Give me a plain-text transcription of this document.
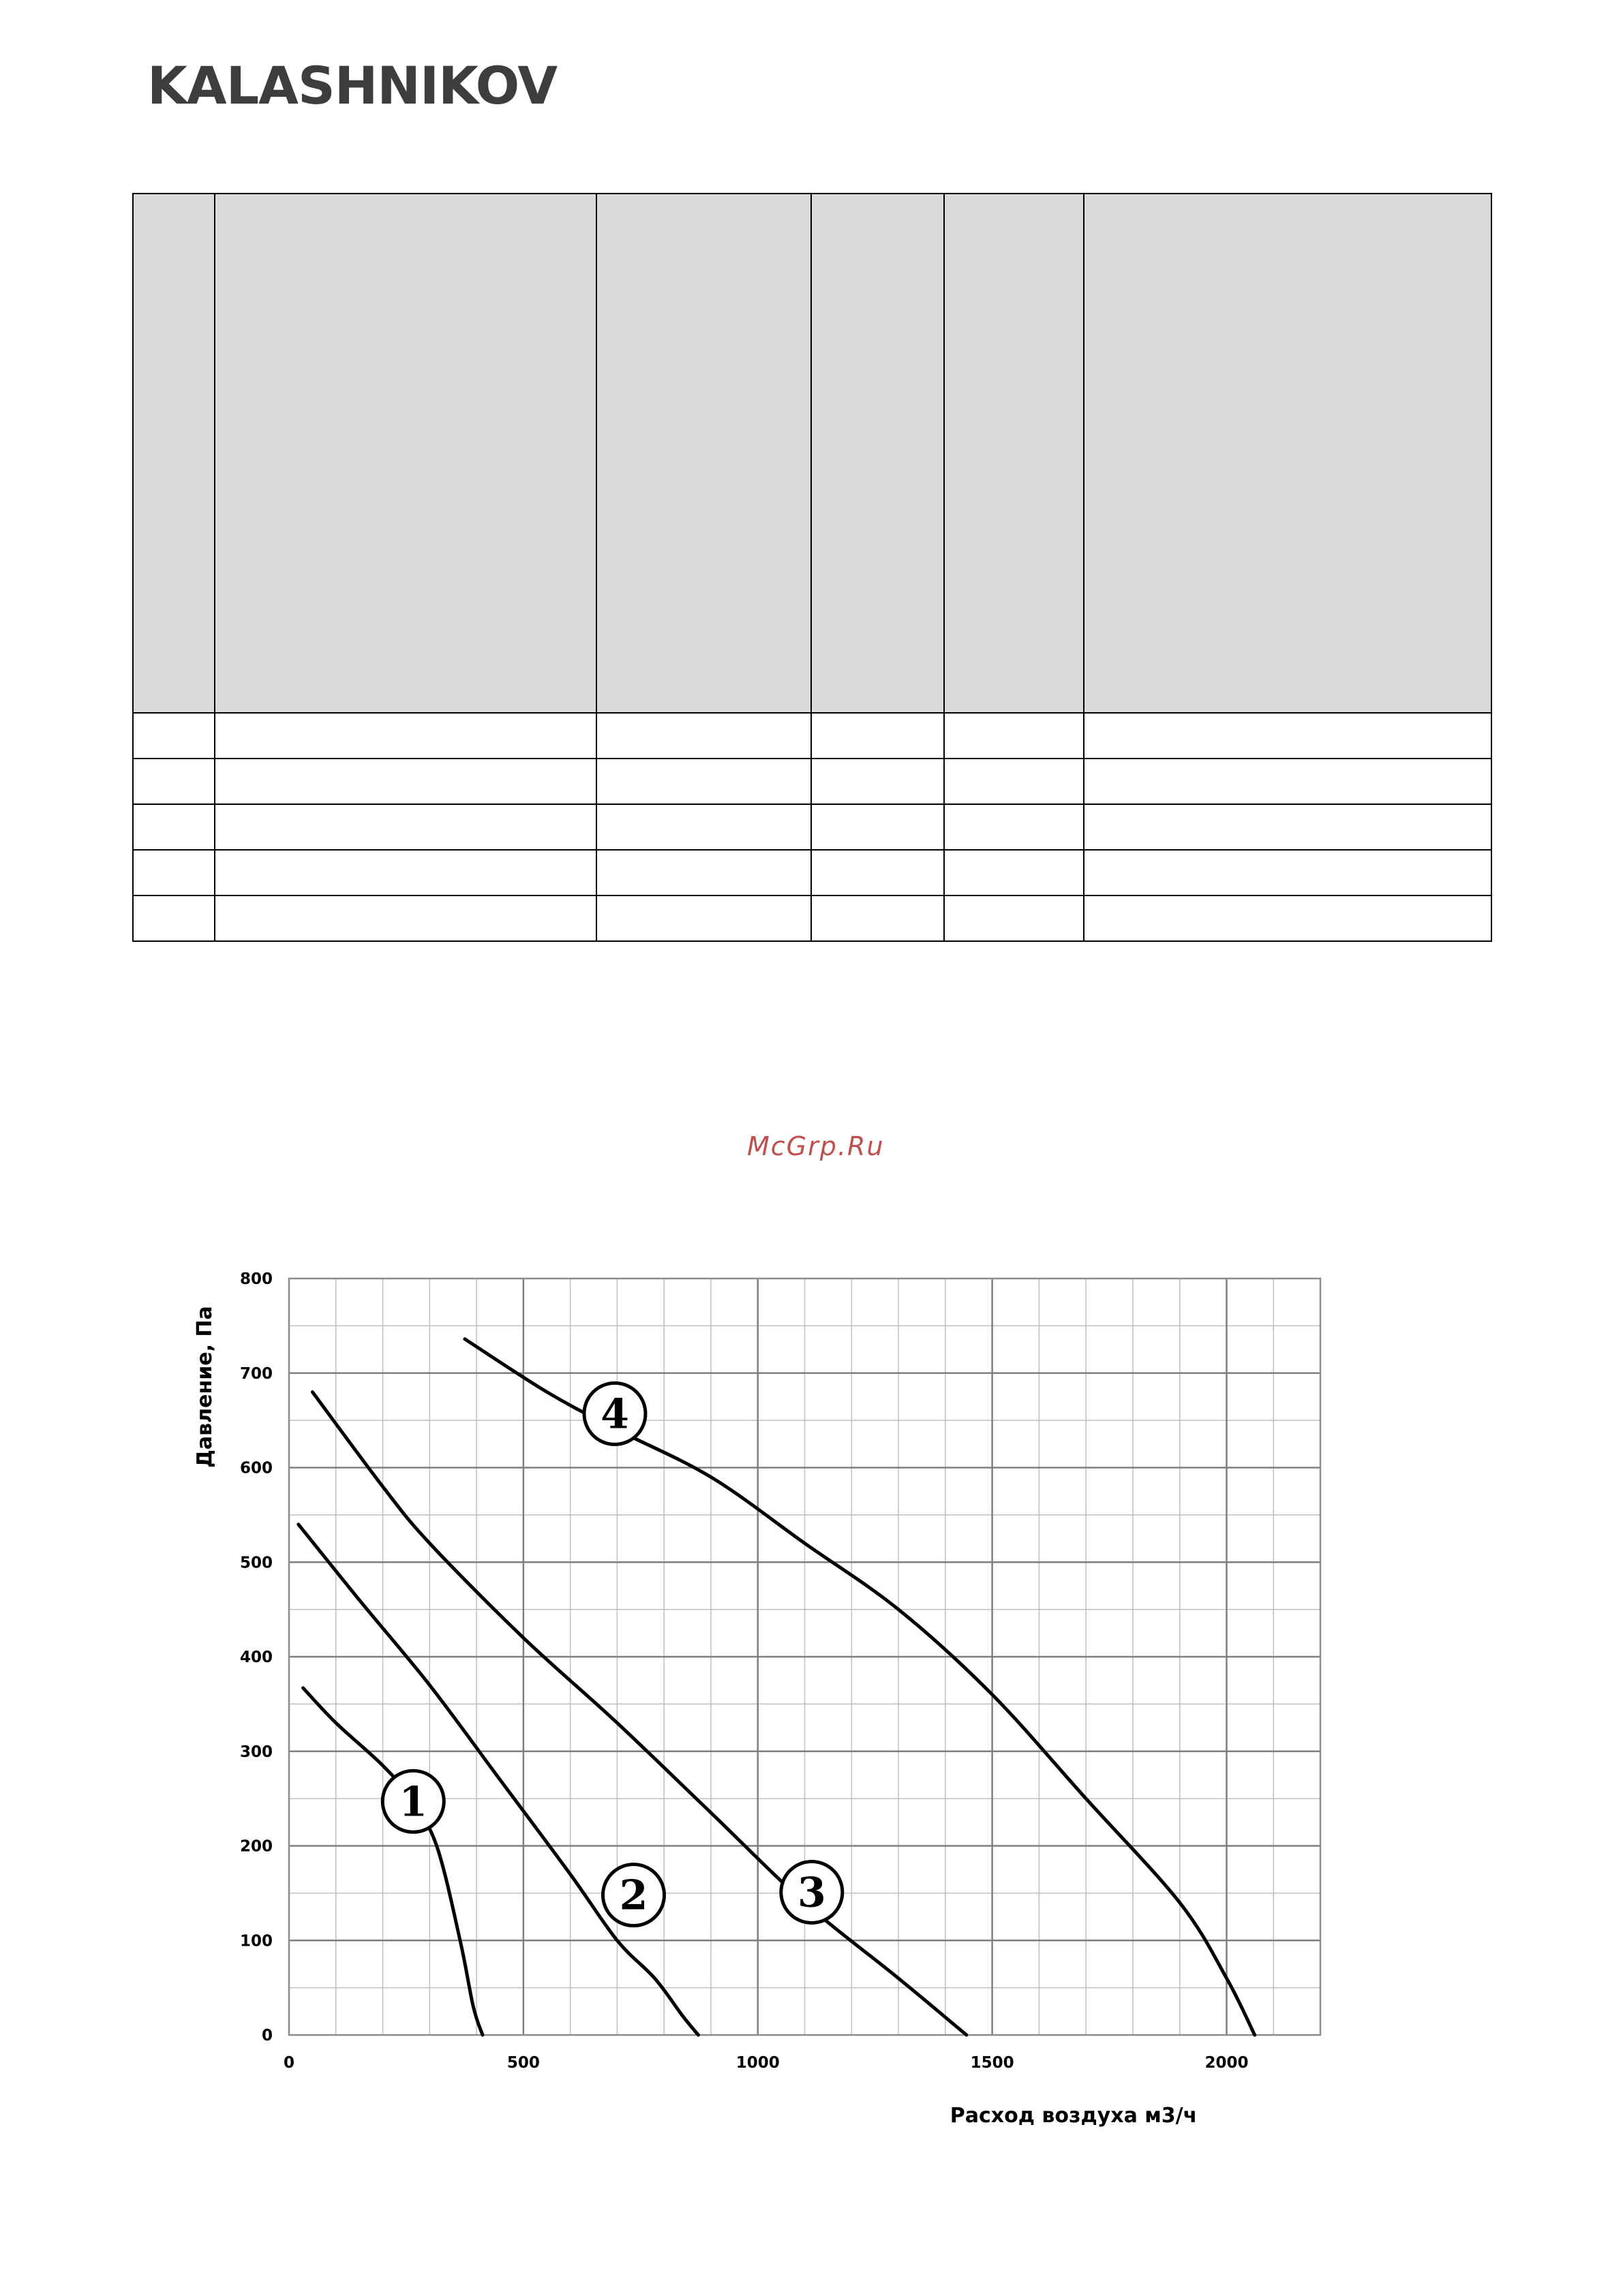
KALASHNIKOV

McGrp.Ru
0	500	1000	1500	2000
0
100
200
300
400
500
600
700
800
1
2	3
4
Расход воздуха м3/ч
Давление, Па
